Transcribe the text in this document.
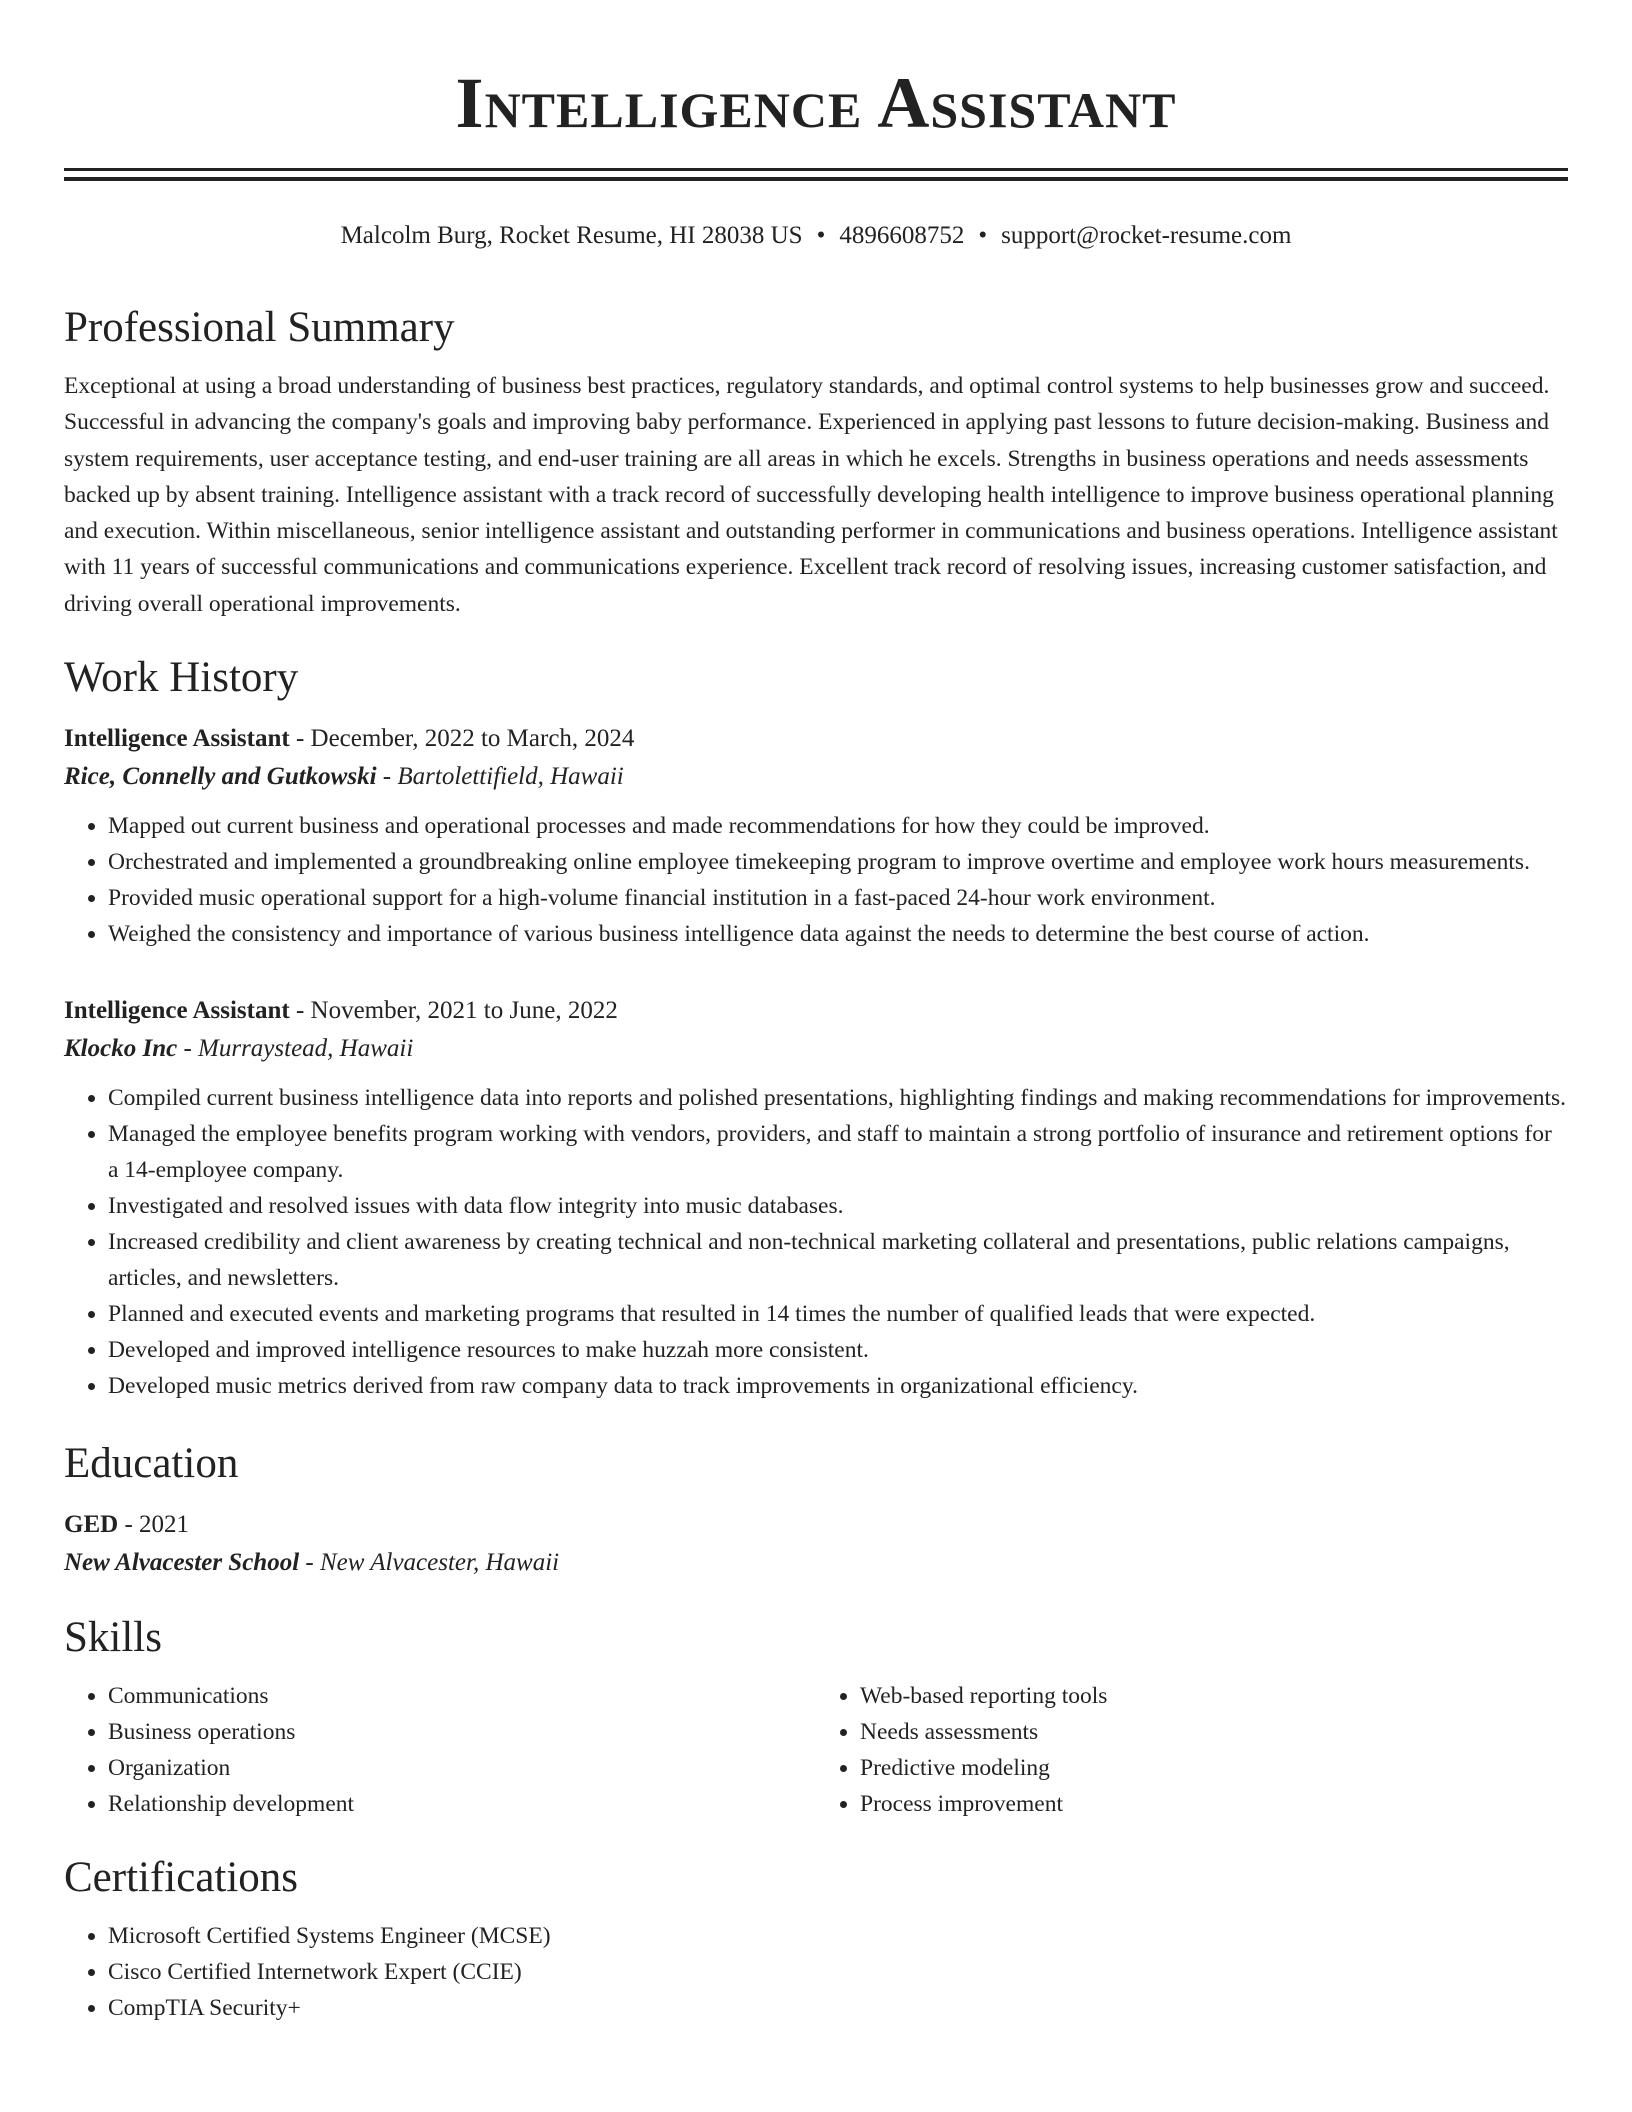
Intelligence Assistant
Malcolm Burg, Rocket Resume, HI 28038 US • 4896608752 • support@rocket-resume.com
Professional Summary

Exceptional at using a broad understanding of business best practices, regulatory standards, and optimal control systems to help businesses grow and succeed. Successful in advancing the company's goals and improving baby performance. Experienced in applying past lessons to future decision-making. Business and system requirements, user acceptance testing, and end-user training are all areas in which he excels. Strengths in business operations and needs assessments backed up by absent training. Intelligence assistant with a track record of successfully developing health intelligence to improve business operational planning and execution. Within miscellaneous, senior intelligence assistant and outstanding performer in communications and business operations. Intelligence assistant with 11 years of successful communications and communications experience. Excellent track record of resolving issues, increasing customer satisfaction, and driving overall operational improvements.

Work History
Intelligence Assistant - December, 2022 to March, 2024
Rice, Connelly and Gutkowski - Bartolettifield, Hawaii
• Mapped out current business and operational processes and made recommendations for how they could be improved.
• Orchestrated and implemented a groundbreaking online employee timekeeping program to improve overtime and employee work hours measurements.
• Provided music operational support for a high-volume financial institution in a fast-paced 24-hour work environment.
• Weighed the consistency and importance of various business intelligence data against the needs to determine the best course of action.
Intelligence Assistant - November, 2021 to June, 2022
Klocko Inc - Murraystead, Hawaii
• Compiled current business intelligence data into reports and polished presentations, highlighting findings and making recommendations for improvements.
• Managed the employee benefits program working with vendors, providers, and staff to maintain a strong portfolio of insurance and retirement options for a 14-employee company.
• Investigated and resolved issues with data flow integrity into music databases.
• Increased credibility and client awareness by creating technical and non-technical marketing collateral and presentations, public relations campaigns, articles, and newsletters.
• Planned and executed events and marketing programs that resulted in 14 times the number of qualified leads that were expected.
• Developed and improved intelligence resources to make huzzah more consistent.
• Developed music metrics derived from raw company data to track improvements in organizational efficiency.
Education
GED - 2021
New Alvacester School - New Alvacester, Hawaii
Skills
• Communications
• Business operations
• Organization
• Relationship development
• Web-based reporting tools
• Needs assessments
• Predictive modeling
• Process improvement
Certifications
• Microsoft Certified Systems Engineer (MCSE)
• Cisco Certified Internetwork Expert (CCIE)
• CompTIA Security+
